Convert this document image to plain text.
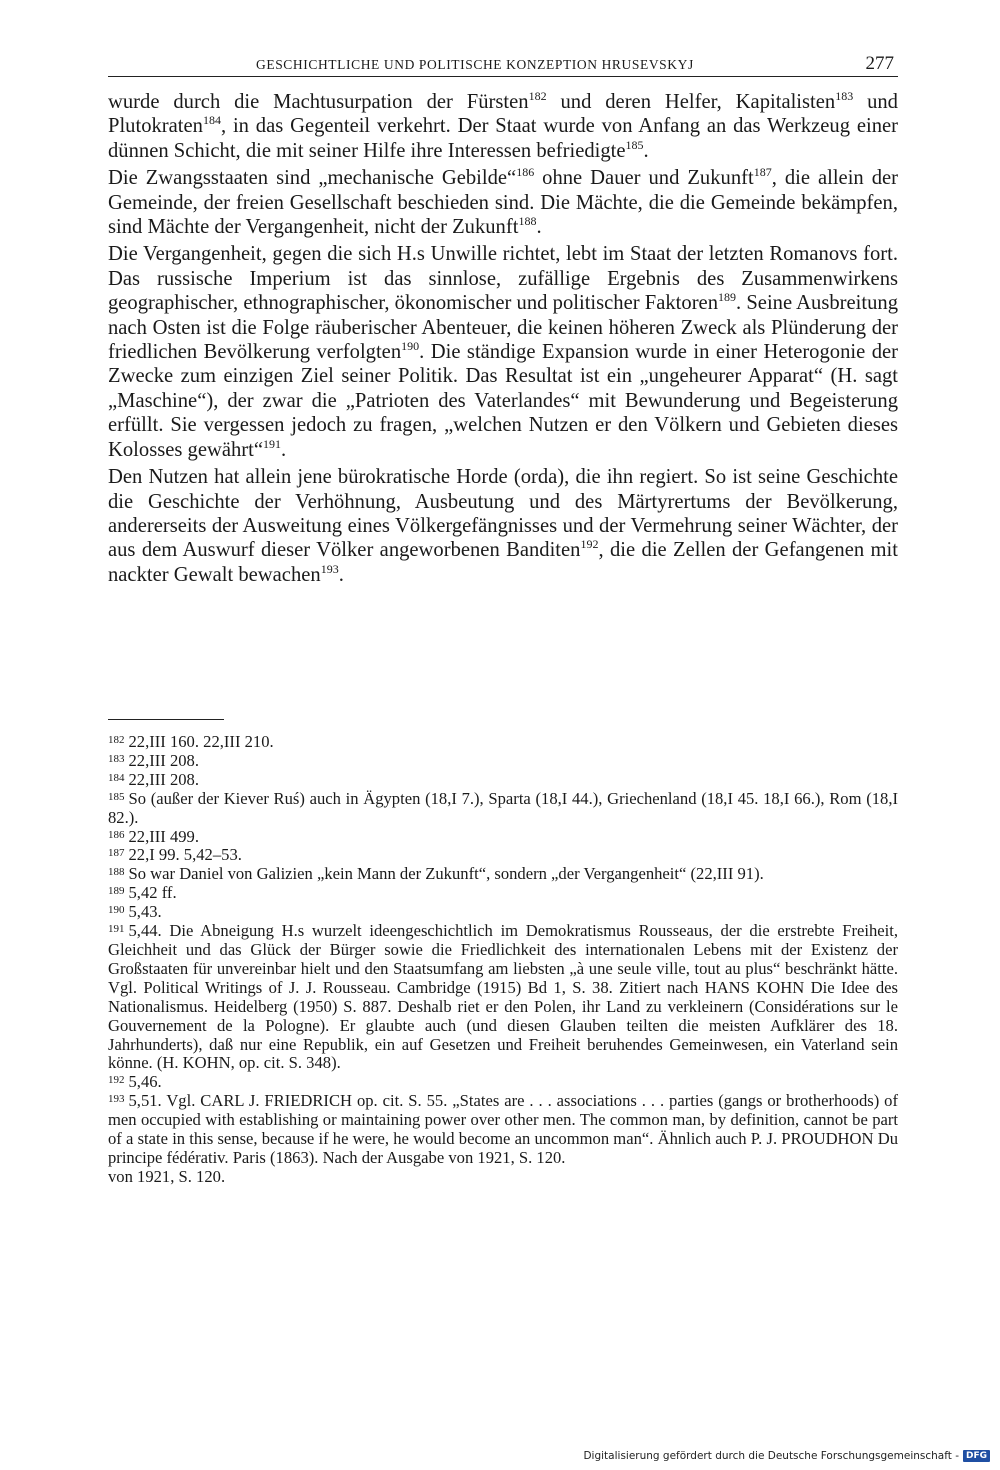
GESCHICHTLICHE UND POLITISCHE KONZEPTION HRUSEVSKYJ	277

wurde durch die Machtusurpation der Fürsten$^{182}$ und deren Helfer, Kapitalisten$^{183}$ und Plutokraten$^{184}$, in das Gegenteil verkehrt. Der Staat wurde von Anfang an das Werkzeug einer dünnen Schicht, die mit seiner Hilfe ihre Interessen befriedigte$^{185}$.

Die Zwangsstaaten sind „mechanische Gebilde“$^{186}$ ohne Dauer und Zukunft$^{187}$, die allein der Gemeinde, der freien Gesellschaft beschieden sind. Die Mächte, die die Gemeinde bekämpfen, sind Mächte der Vergangenheit, nicht der Zukunft$^{188}$.

Die Vergangenheit, gegen die sich H.s Unwille richtet, lebt im Staat der letzten Romanovs fort. Das russische Imperium ist das sinnlose, zufällige Ergebnis des Zusammenwirkens geographischer, ethnographischer, ökonomischer und politischer Faktoren$^{189}$. Seine Ausbreitung nach Osten ist die Folge räuberischer Abenteuer, die keinen höheren Zweck als Plünderung der friedlichen Bevölkerung verfolgten$^{190}$. Die ständige Expansion wurde in einer Heterogonie der Zwecke zum einzigen Ziel seiner Politik. Das Resultat ist ein „ungeheurer Apparat“ (H. sagt „Maschine“), der zwar die „Patrioten des Vaterlandes“ mit Bewunderung und Begeisterung erfüllt. Sie vergessen jedoch zu fragen, „welchen Nutzen er den Völkern und Gebieten dieses Kolosses gewährt“$^{191}$.

Den Nutzen hat allein jene bürokratische Horde (orda), die ihn regiert. So ist seine Geschichte die Geschichte der Verhöhnung, Ausbeutung und des Märtyrertums der Bevölkerung, andererseits der Ausweitung eines Völkergefängnisses und der Vermehrung seiner Wächter, der aus dem Auswurf dieser Völker angeworbenen Banditen$^{192}$, die die Zellen der Gefangenen mit nackter Gewalt bewachen$^{193}$.

$^{182}$ 22,III 160. 22,III 210.

$^{183}$ 22,III 208.

$^{184}$ 22,III 208.

$^{185}$ So (außer der Kiever Ruś) auch in Ägypten (18,I 7.), Sparta (18,I 44.), Griechenland (18,I 45. 18,I 66.), Rom (18,I 82.).

$^{186}$ 22,III 499.

$^{187}$ 22,I 99. 5,42–53.

$^{188}$ So war Daniel von Galizien „kein Mann der Zukunft“, sondern „der Vergangenheit“ (22,III 91).

$^{189}$ 5,42 ff.

$^{190}$ 5,43.

$^{191}$ 5,44. Die Abneigung H.s wurzelt ideengeschichtlich im Demokratismus Rousseaus, der die erstrebte Freiheit, Gleichheit und das Glück der Bürger sowie die Friedlichkeit des internationalen Lebens mit der Existenz der Großstaaten für unvereinbar hielt und den Staatsumfang am liebsten „à une seule ville, tout au plus“ beschränkt hätte. Vgl. Political Writings of J. J. Rousseau. Cambridge (1915) Bd 1, S. 38. Zitiert nach HANS KOHN Die Idee des Nationalismus. Heidelberg (1950) S. 887. Deshalb riet er den Polen, ihr Land zu verkleinern (Considérations sur le Gouvernement de la Pologne). Er glaubte auch (und diesen Glauben teilten die meisten Aufklärer des 18. Jahrhunderts), daß nur eine Republik, ein auf Gesetzen und Freiheit beruhendes Gemeinwesen, ein Vaterland sein könne. (H. KOHN, op. cit. S. 348).

$^{192}$ 5,46.

$^{193}$ 5,51. Vgl. CARL J. FRIEDRICH op. cit. S. 55. „States are . . . associations . . . parties (gangs or brotherhoods) of men occupied with establishing or maintaining power over other men. The common man, by definition, cannot be part of a state in this sense, because if he were, he would become an uncommon man“. Ähnlich auch P. J. PROUDHON Du principe fédérativ. Paris (1863). Nach der Ausgabe von 1921, S. 120.

von 1921, S. 120.

Digitalisierung gefördert durch die Deutsche Forschungsgemeinschaft - DFG
